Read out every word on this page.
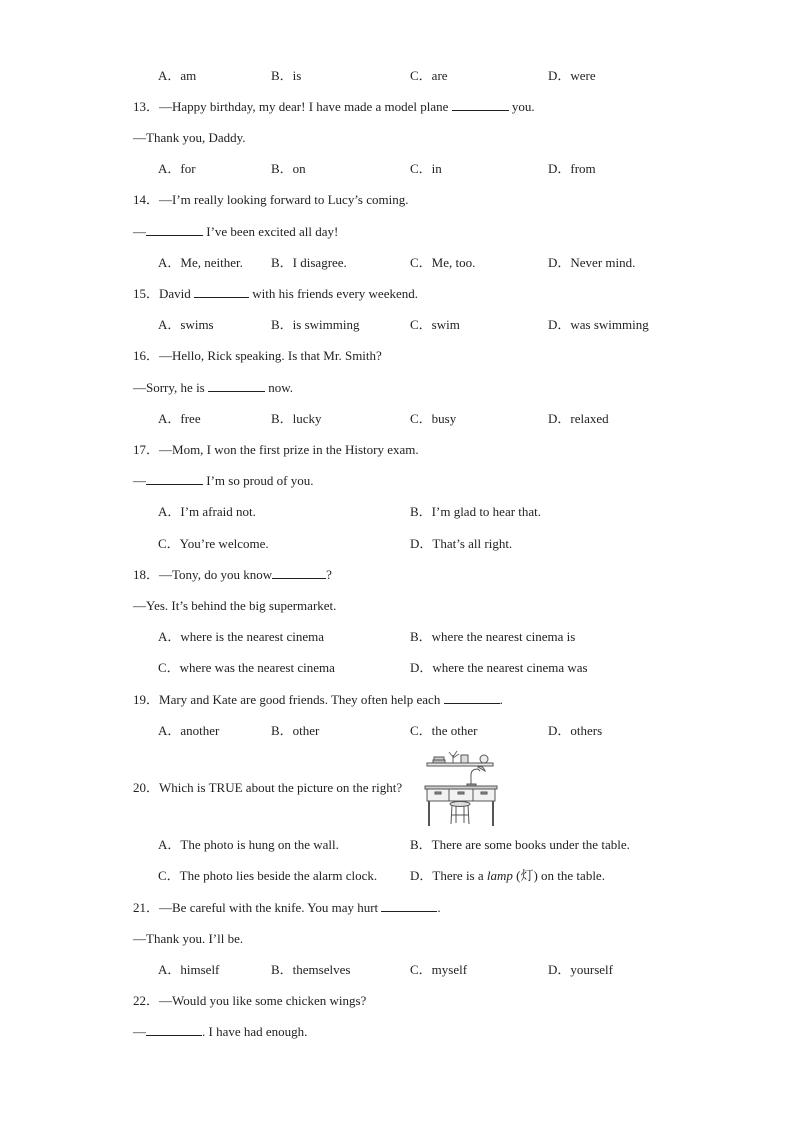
A．am	B．is	C．are	D．were
13．—Happy birthday, my dear! I have made a model plane	you.
—Thank you, Daddy.
A．for	B．on	C．in	D．from
14．—I’m really looking forward to Lucy’s coming.
—	I’ve been excited all day!
A．Me, neither. B．I disagree.	C．Me, too.	D．Never mind.
15．David	with his friends every weekend.
A．swims	B．is swimming	C．swim	D．was swimming
16．—Hello, Rick speaking. Is that Mr. Smith?
—Sorry, he is	now.
A．free	B．lucky	C．busy	D．relaxed
17．—Mom, I won the first prize in the History exam.
—	I’m so proud of you.
A．I’m afraid not.	B．I’m glad to hear that.
C．You’re welcome.	D．That’s all right.
18．—Tony, do you know	?
—Yes. It’s behind the big supermarket.
A．where is the nearest cinema	B．where the nearest cinema is
C．where was the nearest cinema	D．where the nearest cinema was
19．Mary and Kate are good friends. They often help each	.
A．another	B．other	C．the other	D．others
20．Which is TRUE about the picture on the right?
A．The photo is hung on the wall.	B．There are some books under the table.
C．The photo lies beside the alarm clock.	D．There is a lamp (灯) on the table.
21．—Be careful with the knife. You may hurt	.
—Thank you. I’ll be.
A．himself	B．themselves	C．myself	D．yourself
22．—Would you like some chicken wings?
—	. I have had enough.
